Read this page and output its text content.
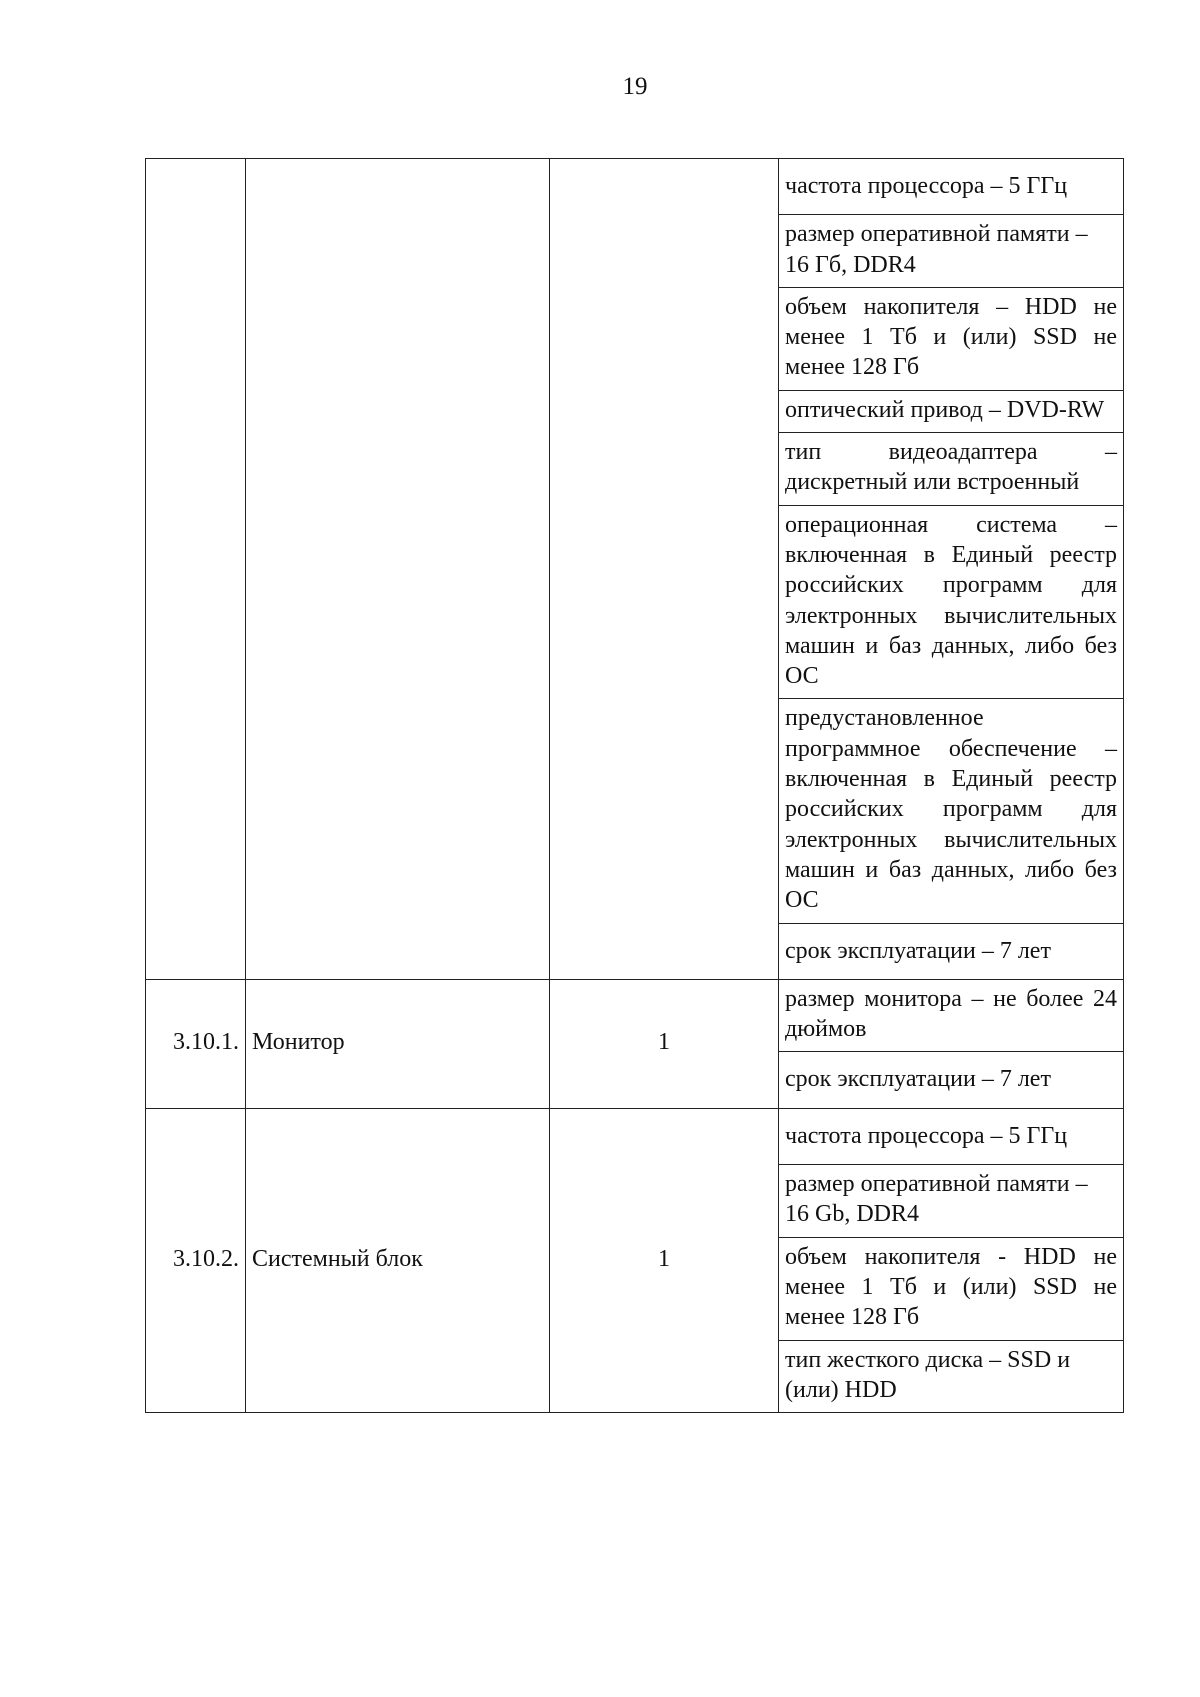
19
			частота процессора – 5 ГГц
			размер оперативной памяти – 16 Гб, DDR4
			объем накопителя – HDD не менее 1 Тб и (или) SSD не менее 128 Гб
			оптический привод – DVD-RW
			тип видеоадаптера – дискретный или встроенный
			операционная система – включенная в Единый реестр российских программ для электронных вычислительных машин и баз данных, либо без ОС
			предустановленное программное обеспечение – включенная в Единый реестр российских программ для электронных вычислительных машин и баз данных, либо без ОС
			срок эксплуатации – 7 лет
3.10.1.	Монитор	1	размер монитора – не более 24 дюймов
			срок эксплуатации – 7 лет
3.10.2.	Системный блок	1	частота процессора – 5 ГГц
			размер оперативной памяти – 16 Gb, DDR4
			объем накопителя - HDD не менее 1 Тб и (или) SSD не менее 128 Гб
			тип жесткого диска – SSD и (или) HDD
